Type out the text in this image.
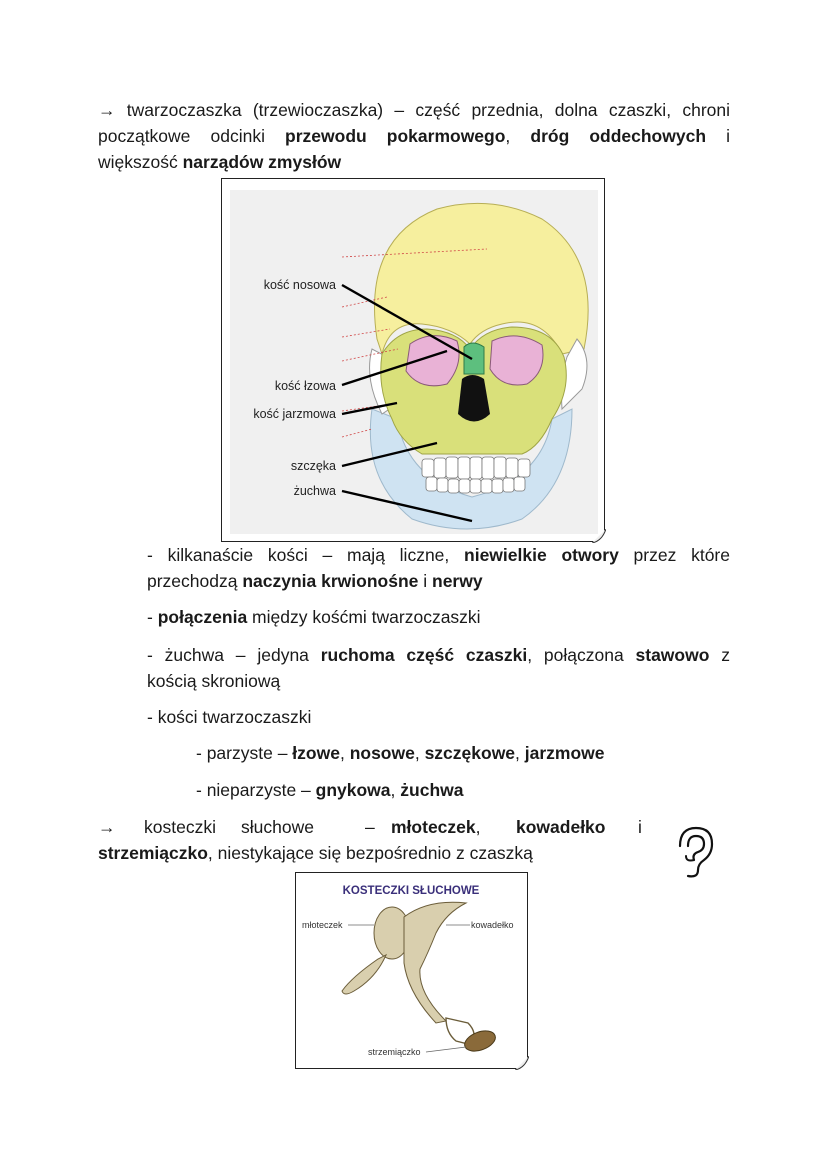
→ twarzoczaszka (trzewioczaszka) – część przednia, dolna czaszki, chroni
początkowe odcinki przewodu pokarmowego, dróg oddechowych i
większość narządów zmysłów
kość nosowa
kość łzowa
kość jarzmowa
szczęka
żuchwa
- kilkanaście kości – mają liczne, niewielkie otwory przez które
przechodzą naczynia krwionośne i nerwy
- połączenia między kośćmi twarzoczaszki
- żuchwa – jedyna ruchoma część czaszki, połączona stawowo z
kością skroniową
- kości twarzoczaszki
- parzyste – łzowe, nosowe, szczękowe, jarzmowe
- nieparzyste – gnykowa, żuchwa
→ kosteczki słuchowe	– młoteczek, kowadełko i
strzemiączko, niestykające się bezpośrednio z czaszką
KOSTECZKI SŁUCHOWE
młoteczek	kowadełko
strzemiączko
